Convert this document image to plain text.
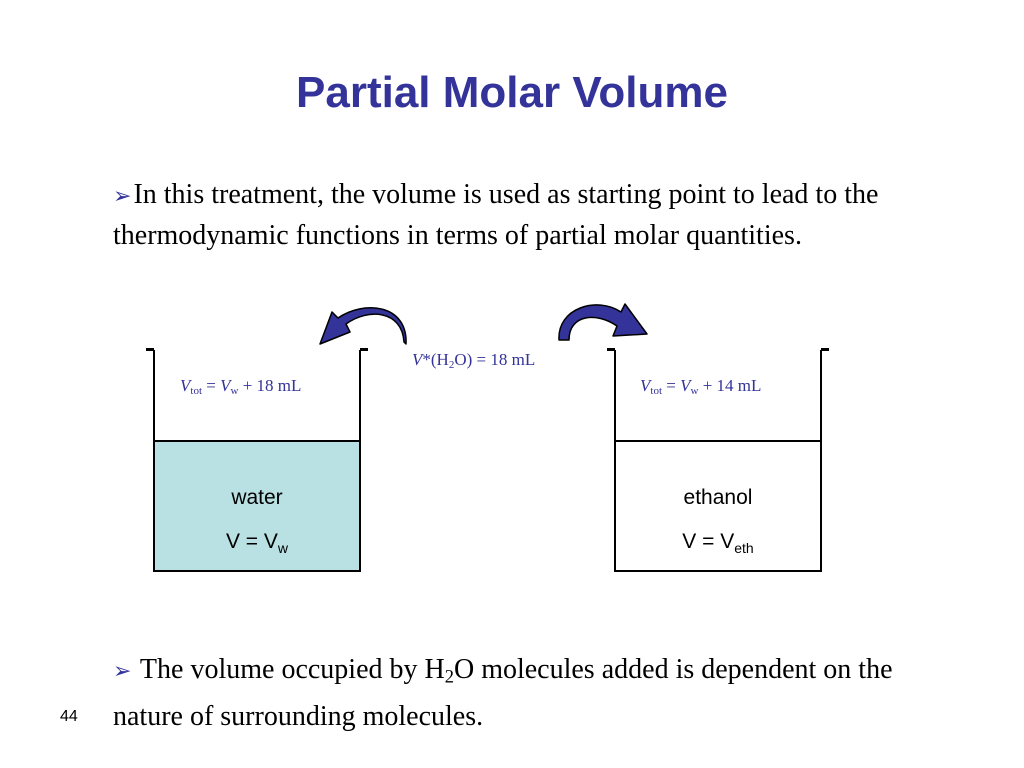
Partial Molar Volume
➢In this treatment, the volume is used as starting point to lead to the thermodynamic functions in terms of partial molar quantities.
$V*(H_2O) = 18$ mL
$V_{tot} = V_w + 18$ mL	$V_{tot} = V_w + 14$ mL
water
$V = V_w$
ethanol
$V = V_{eth}$
➢ The volume occupied by $H_2O$ molecules added is dependent on the nature of surrounding molecules.
44
